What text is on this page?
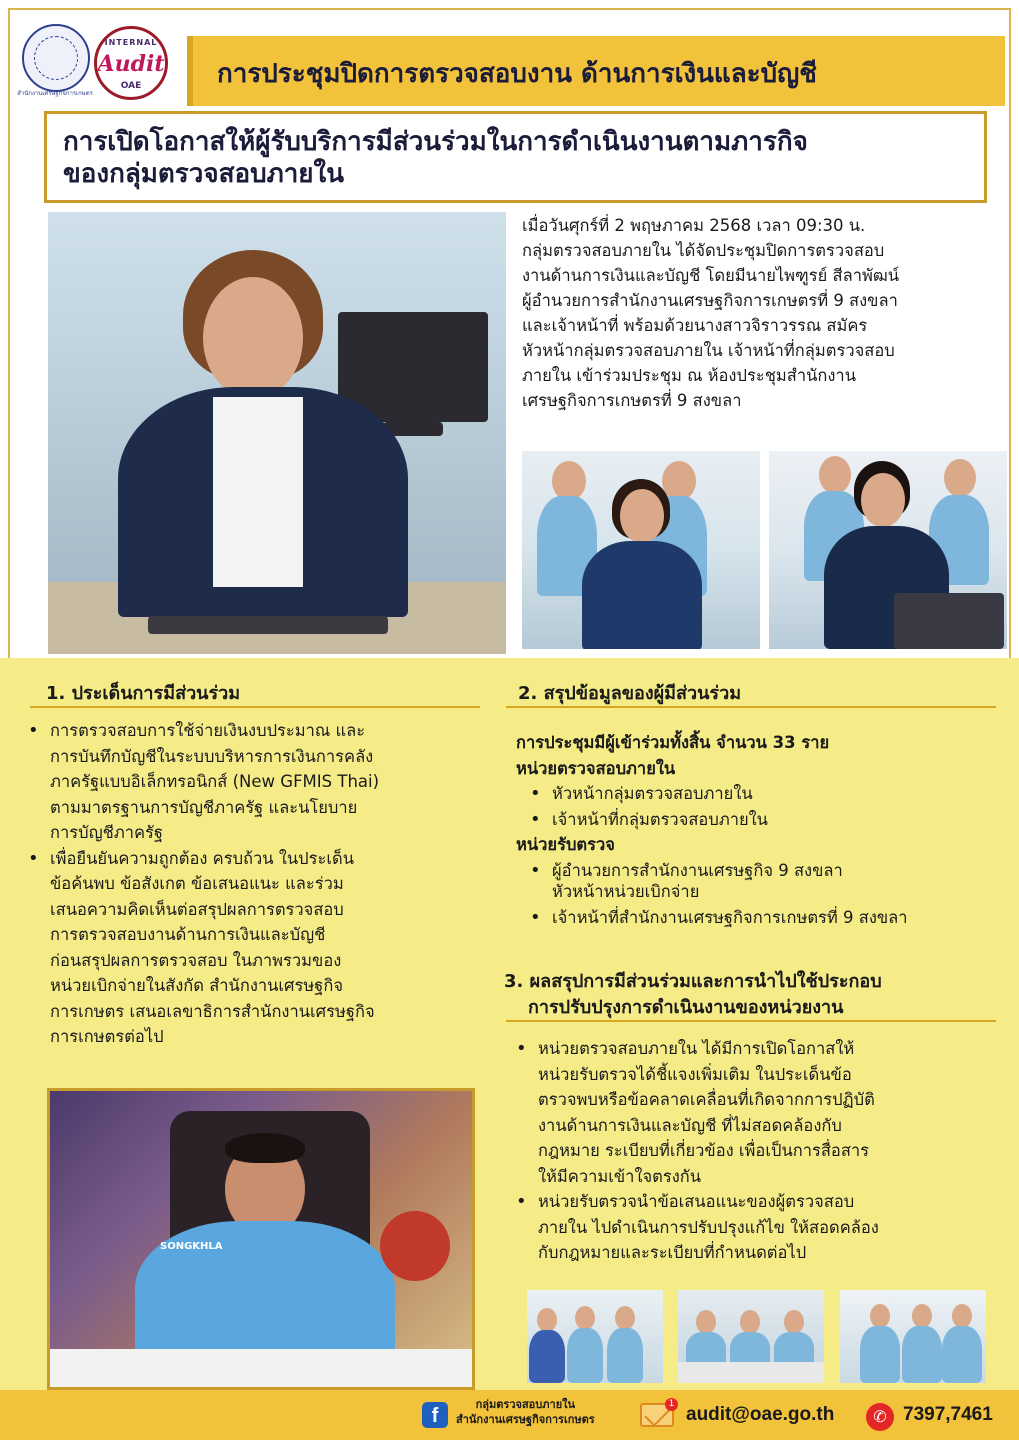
สำนักงานเศรษฐกิจการเกษตร
INTERNAL
Audit
OAE	การประชุมปิดการตรวจสอบงาน ด้านการเงินและบัญชี
การเปิดโอกาสให้ผู้รับบริการมีส่วนร่วมในการดำเนินงานตามภารกิจ
ของกลุ่มตรวจสอบภายใน
เมื่อวันศุกร์ที่ 2 พฤษภาคม 2568 เวลา 09:30 น.
กลุ่มตรวจสอบภายใน ได้จัดประชุมปิดการตรวจสอบ
งานด้านการเงินและบัญชี โดยมีนายไพฑูรย์ สีลาพัฒน์
ผู้อำนวยการสำนักงานเศรษฐกิจการเกษตรที่ 9 สงขลา
และเจ้าหน้าที่ พร้อมด้วยนางสาวจิราวรรณ สมัคร
หัวหน้ากลุ่มตรวจสอบภายใน เจ้าหน้าที่กลุ่มตรวจสอบ
ภายใน เข้าร่วมประชุม ณ ห้องประชุมสำนักงาน
เศรษฐกิจการเกษตรที่ 9 สงขลา
1. ประเด็นการมีส่วนร่วม
• การตรวจสอบการใช้จ่ายเงินงบประมาณ และ
การบันทึกบัญชีในระบบบริหารการเงินการคลัง
ภาครัฐแบบอิเล็กทรอนิกส์ (New GFMIS Thai)
ตามมาตรฐานการบัญชีภาครัฐ และนโยบาย
การบัญชีภาครัฐ
• เพื่อยืนยันความถูกต้อง ครบถ้วน ในประเด็น
ข้อค้นพบ ข้อสังเกต ข้อเสนอแนะ และร่วม
เสนอความคิดเห็นต่อสรุปผลการตรวจสอบ
การตรวจสอบงานด้านการเงินและบัญชี
ก่อนสรุปผลการตรวจสอบ ในภาพรวมของ
หน่วยเบิกจ่ายในสังกัด สำนักงานเศรษฐกิจ
การเกษตร เสนอเลขาธิการสำนักงานเศรษฐกิจ
การเกษตรต่อไป
SONGKHLA
2. สรุปข้อมูลของผู้มีส่วนร่วม
การประชุมมีผู้เข้าร่วมทั้งสิ้น จำนวน 33 ราย
หน่วยตรวจสอบภายใน
• หัวหน้ากลุ่มตรวจสอบภายใน
• เจ้าหน้าที่กลุ่มตรวจสอบภายใน
หน่วยรับตรวจ
• ผู้อำนวยการสำนักงานเศรษฐกิจ 9 สงขลา
หัวหน้าหน่วยเบิกจ่าย
• เจ้าหน้าที่สำนักงานเศรษฐกิจการเกษตรที่ 9 สงขลา
3. ผลสรุปการมีส่วนร่วมและการนำไปใช้ประกอบ
การปรับปรุงการดำเนินงานของหน่วยงาน
• หน่วยตรวจสอบภายใน ได้มีการเปิดโอกาสให้
หน่วยรับตรวจได้ชี้แจงเพิ่มเติม ในประเด็นข้อ
ตรวจพบหรือข้อคลาดเคลื่อนที่เกิดจากการปฏิบัติ
งานด้านการเงินและบัญชี ที่ไม่สอดคล้องกับ
กฎหมาย ระเบียบที่เกี่ยวข้อง เพื่อเป็นการสื่อสาร
ให้มีความเข้าใจตรงกัน
• หน่วยรับตรวจนำข้อเสนอแนะของผู้ตรวจสอบ
ภายใน ไปดำเนินการปรับปรุงแก้ไข ให้สอดคล้อง
กับกฎหมายและระเบียบที่กำหนดต่อไป
f
กลุ่มตรวจสอบภายใน
สำนักงานเศรษฐกิจการเกษตร
1 audit@oae.go.th	✆ 7397,7461
